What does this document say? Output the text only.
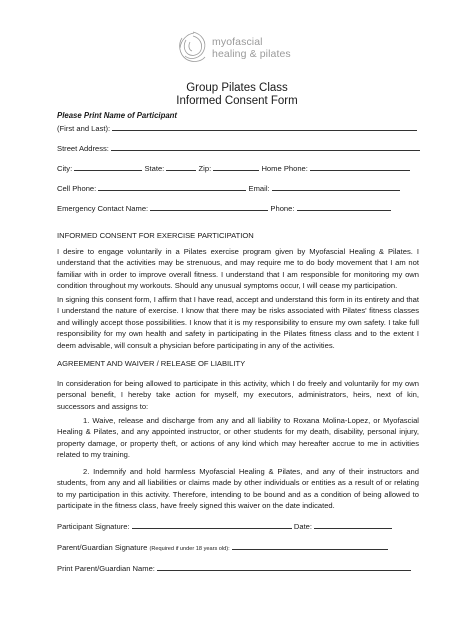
myofascial
healing & pilates
Group Pilates Class
Informed Consent Form
Please Print Name of Participant
(First and Last):
Street Address:
City:	State:	Zip:	Home Phone:
Cell Phone:	Email:
Emergency Contact Name:	Phone:
INFORMED CONSENT FOR EXERCISE PARTICIPATION
I desire to engage voluntarily in a Pilates exercise program given by Myofascial Healing & Pilates. I understand that the activities may be strenuous, and may require me to do body movement that I am not familiar with in order to improve overall fitness. I understand that I am responsible for monitoring my own condition throughout my workouts. Should any unusual symptoms occur, I will cease my participation.
In signing this consent form, I affirm that I have read, accept and understand this form in its entirety and that I understand the nature of exercise. I know that there may be risks associated with Pilates' fitness classes and willingly accept those possibilities. I know that it is my responsibility to ensure my own safety. I take full responsibility for my own health and safety in participating in the Pilates fitness class and to the extent I deem advisable, will consult a physician before participating in any of the activities.
AGREEMENT AND WAIVER / RELEASE OF LIABILITY
In consideration for being allowed to participate in this activity, which I do freely and voluntarily for my own personal benefit, I hereby take action for myself, my executors, administrators, heirs, next of kin, successors and assigns to:
1. Waive, release and discharge from any and all liability to Roxana Molina-Lopez, or Myofascial Healing & Pilates, and any appointed instructor, or other students for my death, disability, personal injury, property damage, or property theft, or actions of any kind which may hereafter accrue to me in activities related to my training.
2. Indemnify and hold harmless Myofascial Healing & Pilates, and any of their instructors and students, from any and all liabilities or claims made by other individuals or entities as a result of or relating to my participation in this activity. Therefore, intending to be bound and as a condition of being allowed to participate in the fitness class, have freely signed this waiver on the date indicated.
Participant Signature:	Date:
Parent/Guardian Signature (Required if under 18 years old):
Print Parent/Guardian Name:
